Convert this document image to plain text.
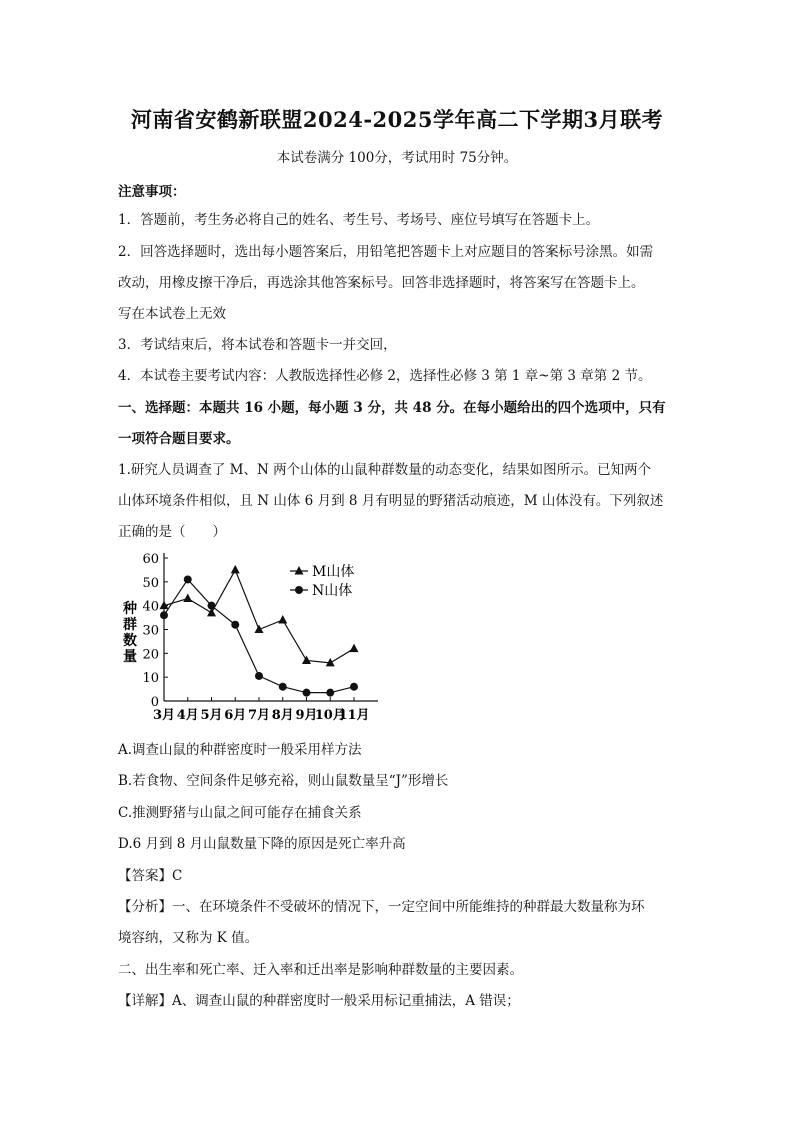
河南省安鹤新联盟2024-2025学年高二下学期3月联考
本试卷满分 100分，考试用时 75分钟。
注意事项：
1．答题前，考生务必将自己的姓名、考生号、考场号、座位号填写在答题卡上。
2．回答选择题时，选出每小题答案后，用铅笔把答题卡上对应题目的答案标号涂黑。如需
改动，用橡皮擦干净后，再选涂其他答案标号。回答非选择题时，将答案写在答题卡上。
写在本试卷上无效
3．考试结束后，将本试卷和答题卡一并交回，
4．本试卷主要考试内容：人教版选择性必修 2，选择性必修 3 第 1 章~第 3 章第 2 节。
一、选择题：本题共 16 小题，每小题 3 分，共 48 分。在每小题给出的四个选项中，只有
一项符合题目要求。
1.研究人员调查了 M、N 两个山体的山鼠种群数量的动态变化，结果如图所示。已知两个
山体环境条件相似，且 N 山体 6 月到 8 月有明显的野猪活动痕迹，M 山体没有。下列叙述
正确的是（　　）
0
10
20
30
40
50
60
3月 4月 5月 6月 7月 8月 9月
10月
11月
种
群
数
量
M山体
N山体
A.调查山鼠的种群密度时一般采用样方法
B.若食物、空间条件足够充裕，则山鼠数量呈“J”形增长
C.推测野猪与山鼠之间可能存在捕食关系
D.6 月到 8 月山鼠数量下降的原因是死亡率升高
【答案】C
【分析】一、在环境条件不受破坏的情况下，一定空间中所能维持的种群最大数量称为环
境容纳，又称为 K 值。
二、出生率和死亡率、迁入率和迁出率是影响种群数量的主要因素。
【详解】A、调查山鼠的种群密度时一般采用标记重捕法，A 错误；
